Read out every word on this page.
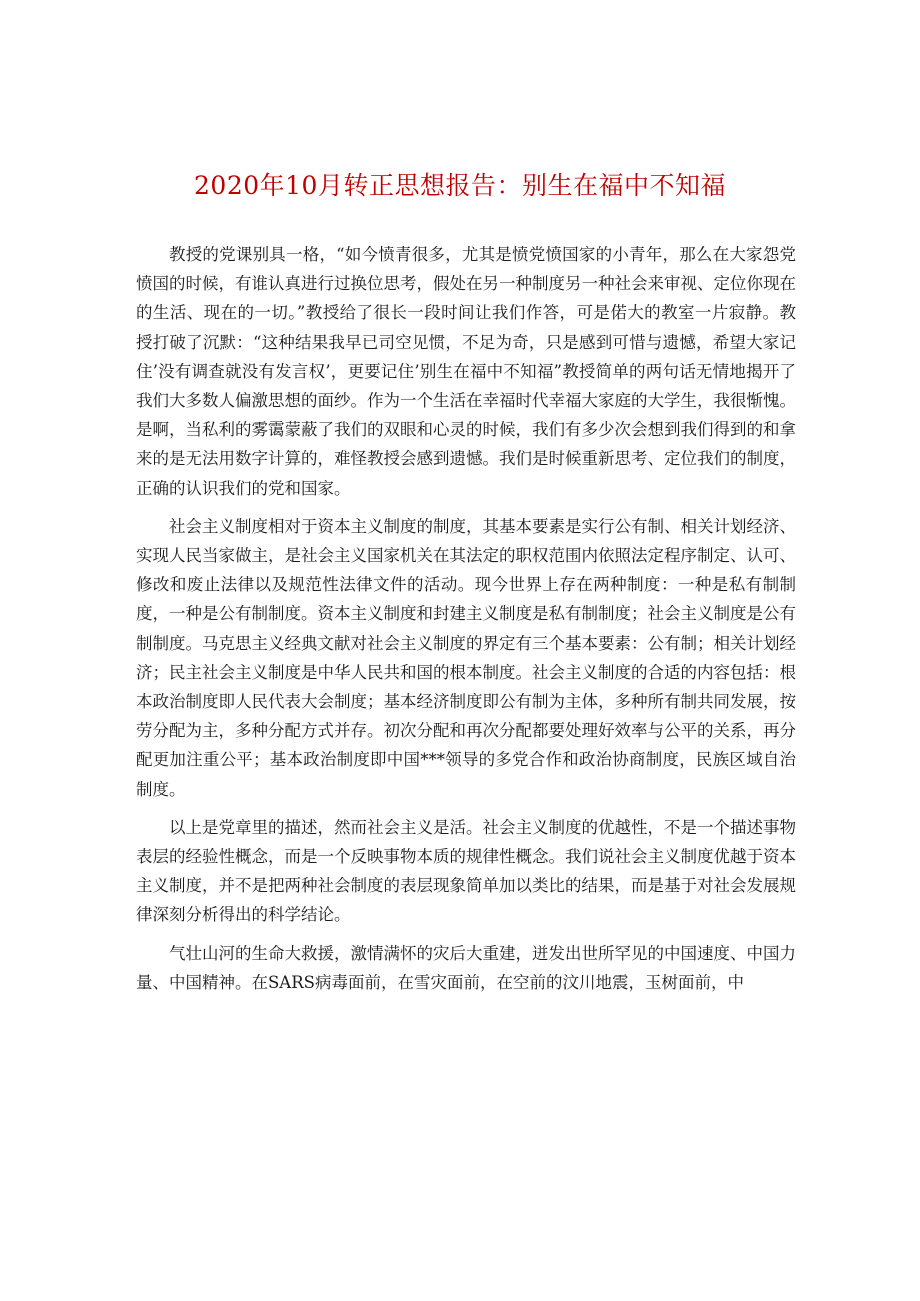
2020年10月转正思想报告：别生在福中不知福

教授的党课别具一格，“如今愤青很多，尤其是愤党愤国家的小青年，那么在大家怨党愤国的时候，有谁认真进行过换位思考，假处在另一种制度另一种社会来审视、定位你现在的生活、现在的一切。”教授给了很长一段时间让我们作答，可是偌大的教室一片寂静。教授打破了沉默：“这种结果我早已司空见惯，不足为奇，只是感到可惜与遗憾，希望大家记住’没有调查就没有发言权’，更要记住’别生在福中不知福”教授简单的两句话无情地揭开了我们大多数人偏激思想的面纱。作为一个生活在幸福时代幸福大家庭的大学生，我很惭愧。是啊，当私利的雾霭蒙蔽了我们的双眼和心灵的时候，我们有多少次会想到我们得到的和拿来的是无法用数字计算的，难怪教授会感到遗憾。我们是时候重新思考、定位我们的制度，正确的认识我们的党和国家。

社会主义制度相对于资本主义制度的制度，其基本要素是实行公有制、相关计划经济、实现人民当家做主，是社会主义国家机关在其法定的职权范围内依照法定程序制定、认可、修改和废止法律以及规范性法律文件的活动。现今世界上存在两种制度：一种是私有制制度，一种是公有制制度。资本主义制度和封建主义制度是私有制制度；社会主义制度是公有制制度。马克思主义经典文献对社会主义制度的界定有三个基本要素：公有制；相关计划经济；民主社会主义制度是中华人民共和国的根本制度。社会主义制度的合适的内容包括：根本政治制度即人民代表大会制度；基本经济制度即公有制为主体，多种所有制共同发展，按劳分配为主，多种分配方式并存。初次分配和再次分配都要处理好效率与公平的关系，再分配更加注重公平；基本政治制度即中国***领导的多党合作和政治协商制度，民族区域自治制度。

以上是党章里的描述，然而社会主义是活。社会主义制度的优越性，不是一个描述事物表层的经验性概念，而是一个反映事物本质的规律性概念。我们说社会主义制度优越于资本主义制度，并不是把两种社会制度的表层现象简单加以类比的结果，而是基于对社会发展规律深刻分析得出的科学结论。

气壮山河的生命大救援，激情满怀的灾后大重建，迸发出世所罕见的中国速度、中国力量、中国精神。在SARS病毒面前，在雪灾面前，在空前的汶川地震，玉树面前，中
